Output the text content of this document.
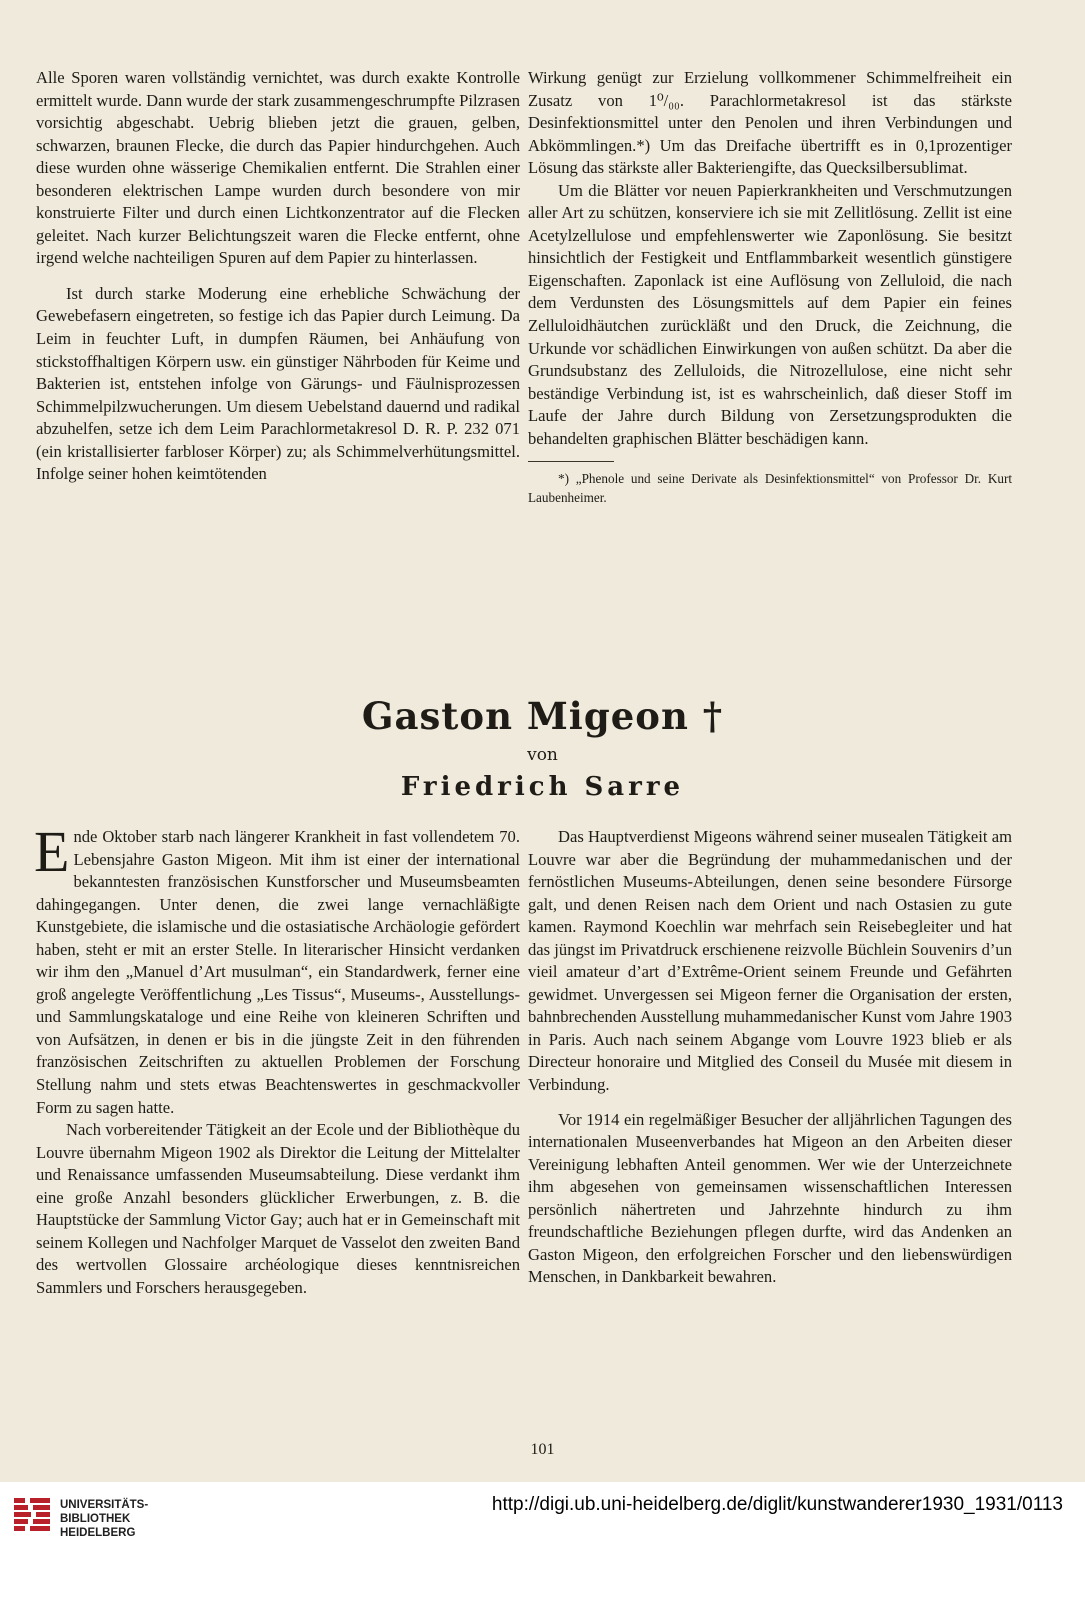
Alle Sporen waren vollständig vernichtet, was durch exakte Kontrolle ermittelt wurde. Dann wurde der stark zusammengeschrumpfte Pilzrasen vorsichtig abgeschabt. Uebrig blieben jetzt die grauen, gelben, schwarzen, braunen Flecke, die durch das Papier hindurchgehen. Auch diese wurden ohne wässerige Chemikalien entfernt. Die Strahlen einer besonderen elektrischen Lampe wurden durch besondere von mir konstruierte Filter und durch einen Lichtkonzentrator auf die Flecken geleitet. Nach kurzer Belichtungszeit waren die Flecke entfernt, ohne irgend welche nachteiligen Spuren auf dem Papier zu hinterlassen.

Ist durch starke Moderung eine erhebliche Schwächung der Gewebefasern eingetreten, so festige ich das Papier durch Leimung. Da Leim in feuchter Luft, in dumpfen Räumen, bei Anhäufung von stickstoffhaltigen Körpern usw. ein günstiger Nährboden für Keime und Bakterien ist, entstehen infolge von Gärungs- und Fäulnisprozessen Schimmelpilzwucherungen. Um diesem Uebelstand dauernd und radikal abzuhelfen, setze ich dem Leim Parachlormetakresol D. R. P. 232 071 (ein kristallisierter farbloser Körper) zu; als Schimmelverhütungsmittel. Infolge seiner hohen keimtötenden

Wirkung genügt zur Erzielung vollkommener Schimmelfreiheit ein Zusatz von 1⁰/₀₀. Parachlormetakresol ist das stärkste Desinfektionsmittel unter den Penolen und ihren Verbindungen und Abkömmlingen.*) Um das Dreifache übertrifft es in 0,1prozentiger Lösung das stärkste aller Bakteriengifte, das Quecksilbersublimat.

Um die Blätter vor neuen Papierkrankheiten und Verschmutzungen aller Art zu schützen, konserviere ich sie mit Zellitlösung. Zellit ist eine Acetylzellulose und empfehlenswerter wie Zaponlösung. Sie besitzt hinsichtlich der Festigkeit und Entflammbarkeit wesentlich günstigere Eigenschaften. Zaponlack ist eine Auflösung von Zelluloid, die nach dem Verdunsten des Lösungsmittels auf dem Papier ein feines Zelluloidhäutchen zurückläßt und den Druck, die Zeichnung, die Urkunde vor schädlichen Einwirkungen von außen schützt. Da aber die Grundsubstanz des Zelluloids, die Nitrozellulose, eine nicht sehr beständige Verbindung ist, ist es wahrscheinlich, daß dieser Stoff im Laufe der Jahre durch Bildung von Zersetzungsprodukten die behandelten graphischen Blätter beschädigen kann.

*) „Phenole und seine Derivate als Desinfektionsmittel“ von Professor Dr. Kurt Laubenheimer.

Gaston Migeon †
von
Friedrich Sarre

Ende Oktober starb nach längerer Krankheit in fast vollendetem 70. Lebensjahre Gaston Migeon. Mit ihm ist einer der international bekanntesten französischen Kunstforscher und Museumsbeamten dahingegangen. Unter denen, die zwei lange vernachläßigte Kunstgebiete, die islamische und die ostasiatische Archäologie gefördert haben, steht er mit an erster Stelle. In literarischer Hinsicht verdanken wir ihm den „Manuel d’Art musulman“, ein Standardwerk, ferner eine groß angelegte Veröffentlichung „Les Tissus“, Museums-, Ausstellungs- und Sammlungskataloge und eine Reihe von kleineren Schriften und von Aufsätzen, in denen er bis in die jüngste Zeit in den führenden französischen Zeitschriften zu aktuellen Problemen der Forschung Stellung nahm und stets etwas Beachtenswertes in geschmackvoller Form zu sagen hatte.

Nach vorbereitender Tätigkeit an der Ecole und der Bibliothèque du Louvre übernahm Migeon 1902 als Direktor die Leitung der Mittelalter und Renaissance umfassenden Museumsabteilung. Diese verdankt ihm eine große Anzahl besonders glücklicher Erwerbungen, z. B. die Hauptstücke der Sammlung Victor Gay; auch hat er in Gemeinschaft mit seinem Kollegen und Nachfolger Marquet de Vasselot den zweiten Band des wertvollen Glossaire archéologique dieses kenntnisreichen Sammlers und Forschers herausgegeben.

Das Hauptverdienst Migeons während seiner musealen Tätigkeit am Louvre war aber die Begründung der muhammedanischen und der fernöstlichen Museums-Abteilungen, denen seine besondere Fürsorge galt, und denen Reisen nach dem Orient und nach Ostasien zu gute kamen. Raymond Koechlin war mehrfach sein Reisebegleiter und hat das jüngst im Privatdruck erschienene reizvolle Büchlein Souvenirs d’un vieil amateur d’art d’Extrême-Orient seinem Freunde und Gefährten gewidmet. Unvergessen sei Migeon ferner die Organisation der ersten, bahnbrechenden Ausstellung muhammedanischer Kunst vom Jahre 1903 in Paris. Auch nach seinem Abgange vom Louvre 1923 blieb er als Directeur honoraire und Mitglied des Conseil du Musée mit diesem in Verbindung.

Vor 1914 ein regelmäßiger Besucher der alljährlichen Tagungen des internationalen Museenverbandes hat Migeon an den Arbeiten dieser Vereinigung lebhaften Anteil genommen. Wer wie der Unterzeichnete ihm abgesehen von gemeinsamen wissenschaftlichen Interessen persönlich nähertreten und Jahrzehnte hindurch zu ihm freundschaftliche Beziehungen pflegen durfte, wird das Andenken an Gaston Migeon, den erfolgreichen Forscher und den liebenswürdigen Menschen, in Dankbarkeit bewahren.

101
UNIVERSITÄTS-
BIBLIOTHEK
HEIDELBERG
http://digi.ub.uni-heidelberg.de/diglit/kunstwanderer1930_1931/0113
